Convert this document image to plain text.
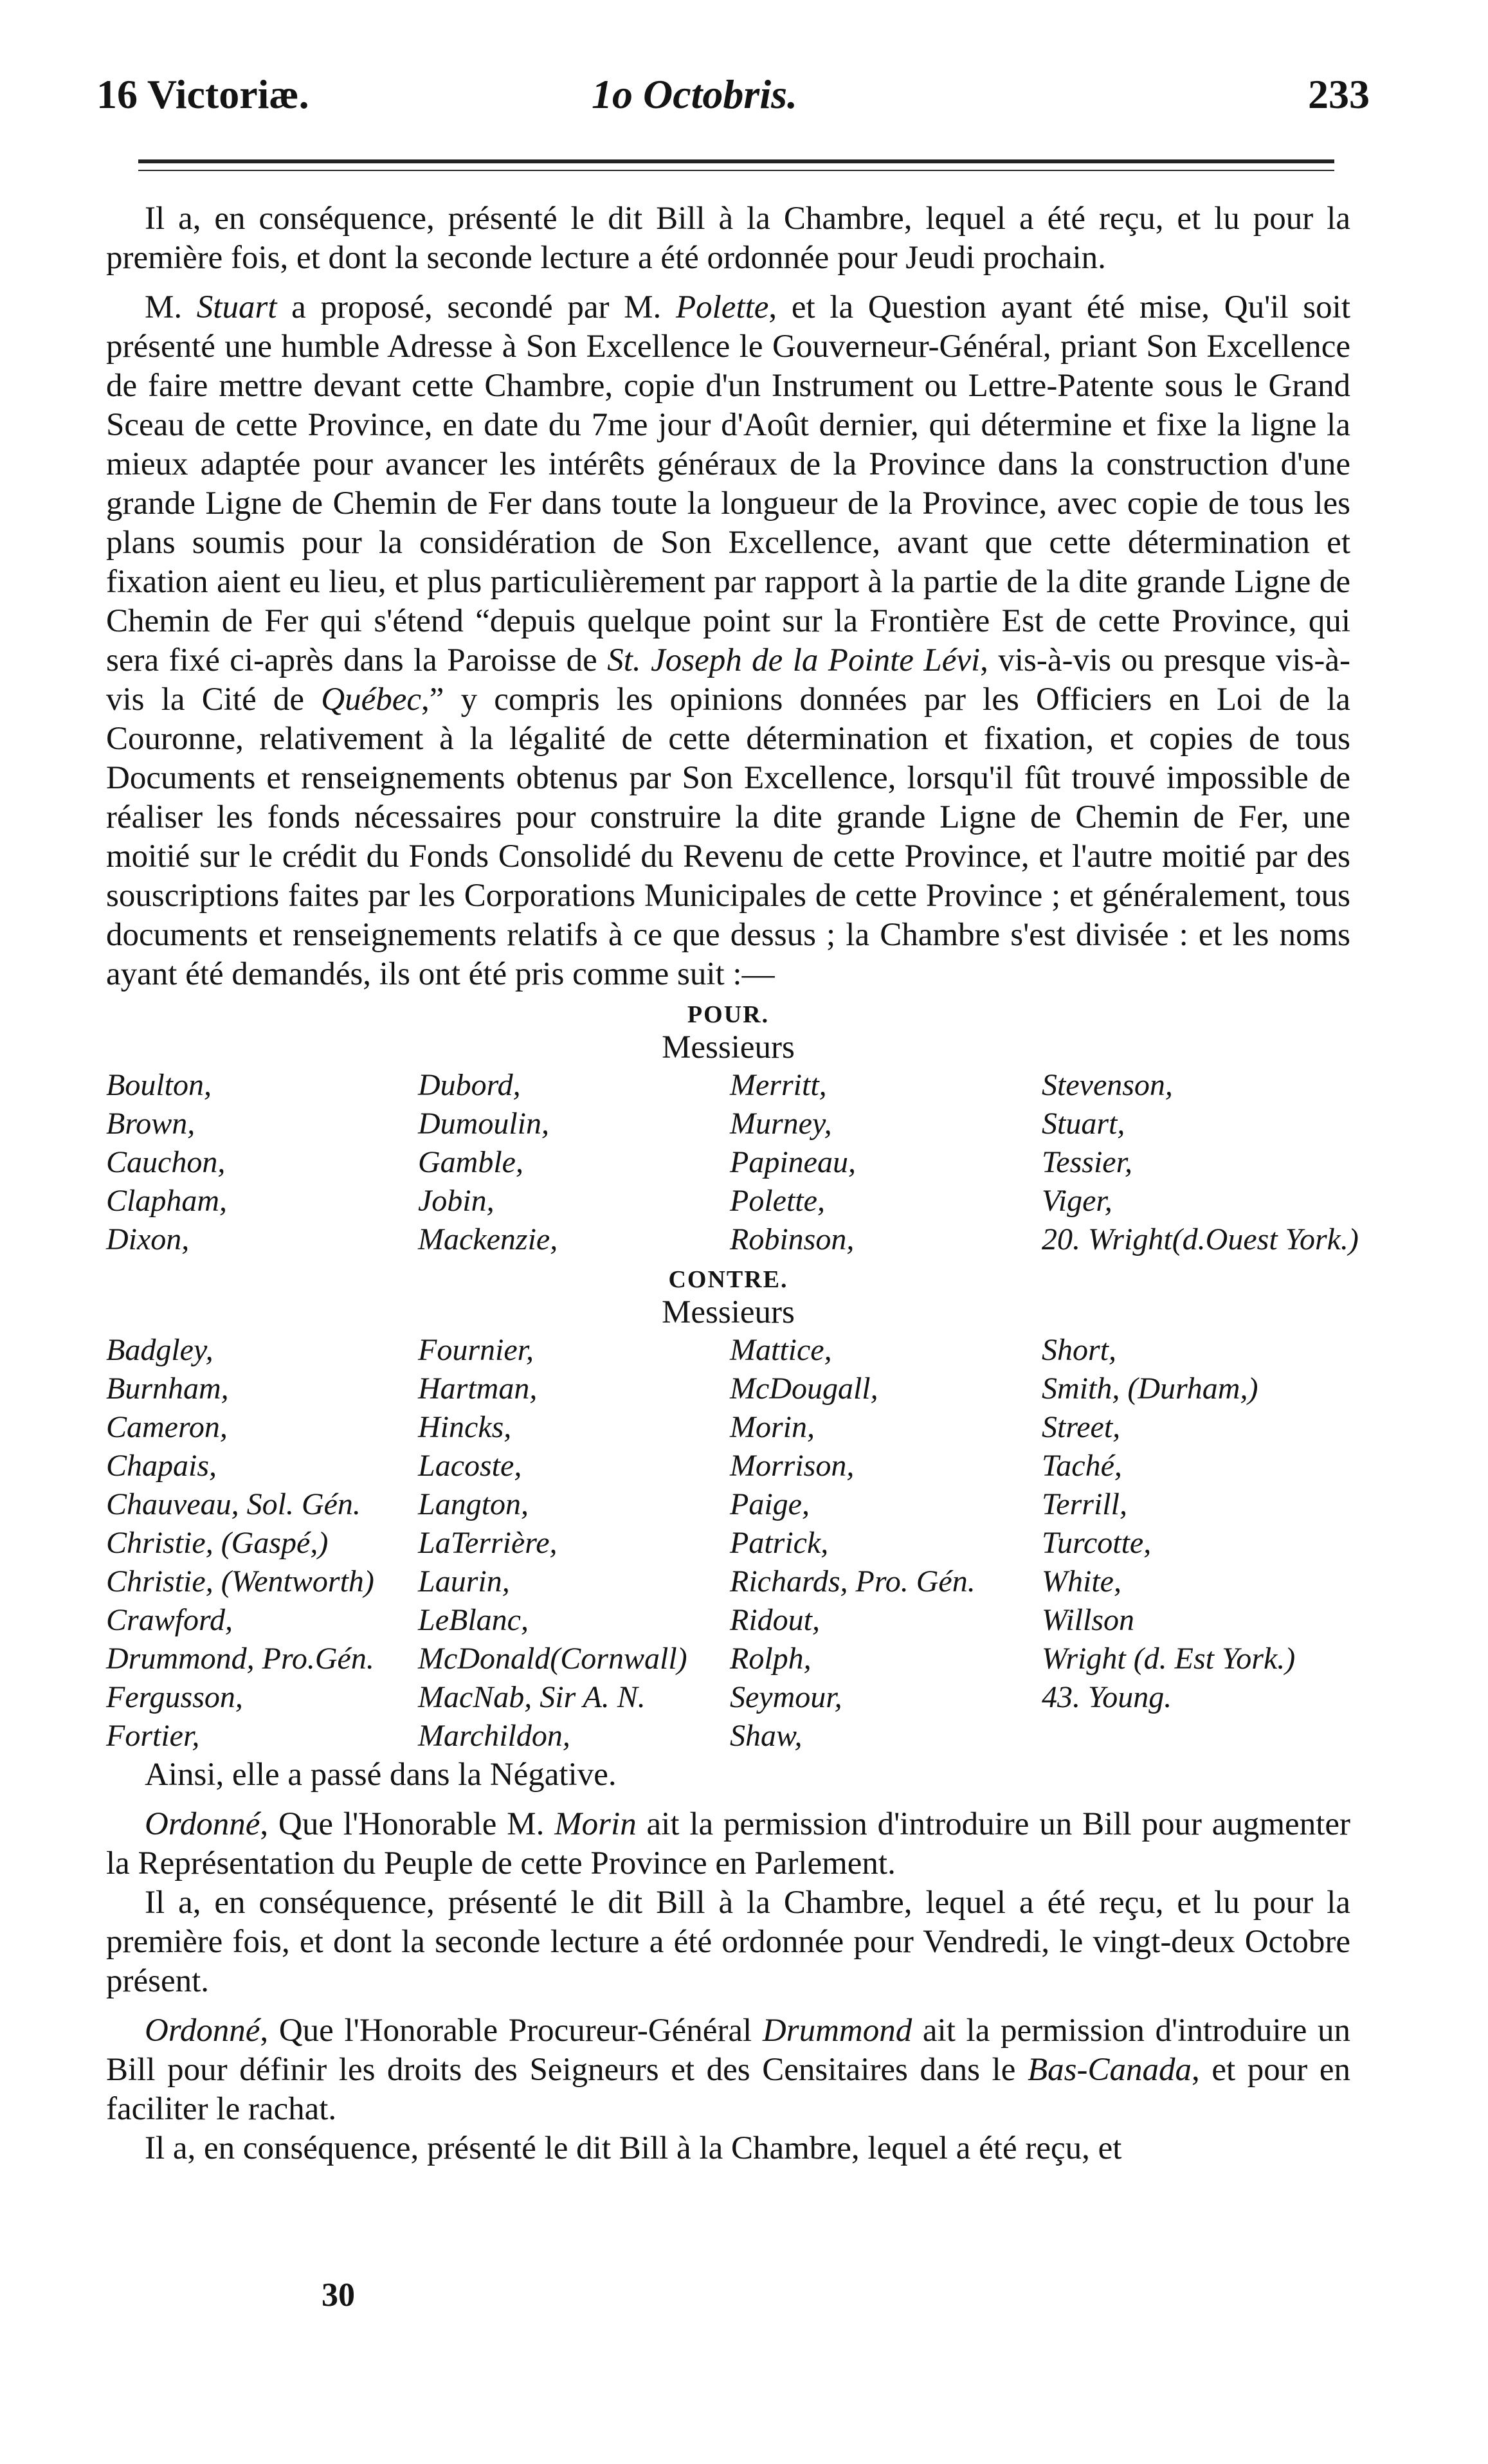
16 Victoriæ.	1o Octobris.	233

Il a, en conséquence, présenté le dit Bill à la Chambre, lequel a été reçu, et lu pour la première fois, et dont la seconde lecture a été ordonnée pour Jeudi prochain.

M. Stuart a proposé, secondé par M. Polette, et la Question ayant été mise, Qu'il soit présenté une humble Adresse à Son Excellence le Gouverneur-Général, priant Son Excellence de faire mettre devant cette Chambre, copie d'un Instrument ou Lettre-Patente sous le Grand Sceau de cette Province, en date du 7me jour d'Août dernier, qui détermine et fixe la ligne la mieux adaptée pour avancer les intérêts généraux de la Province dans la construction d'une grande Ligne de Chemin de Fer dans toute la longueur de la Province, avec copie de tous les plans soumis pour la considération de Son Excellence, avant que cette détermination et fixation aient eu lieu, et plus particulièrement par rapport à la partie de la dite grande Ligne de Chemin de Fer qui s'étend “depuis quelque point sur la Frontière Est de cette Province, qui sera fixé ci-après dans la Paroisse de St. Joseph de la Pointe Lévi, vis-à-vis ou presque vis-à-vis la Cité de Québec,” y compris les opinions données par les Officiers en Loi de la Couronne, relativement à la légalité de cette détermination et fixation, et copies de tous Documents et renseignements obtenus par Son Excellence, lorsqu'il fût trouvé impossible de réaliser les fonds nécessaires pour construire la dite grande Ligne de Chemin de Fer, une moitié sur le crédit du Fonds Consolidé du Revenu de cette Province, et l'autre moitié par des souscriptions faites par les Corporations Municipales de cette Province ; et généralement, tous documents et renseignements relatifs à ce que dessus ; la Chambre s'est divisée : et les noms ayant été demandés, ils ont été pris comme suit :—

POUR.
Messieurs
Boulton,	Dubord,	Merritt,	Stevenson,
Brown,	Dumoulin,	Murney,	Stuart,
Cauchon,	Gamble,	Papineau,	Tessier,
Clapham,	Jobin,	Polette,	Viger,
Dixon,	Mackenzie,	Robinson,	20. Wright(d.Ouest York.)
CONTRE.
Messieurs
Badgley,	Fournier,	Mattice,	Short,
Burnham,	Hartman,	McDougall,	Smith, (Durham,)
Cameron,	Hincks,	Morin,	Street,
Chapais,	Lacoste,	Morrison,	Taché,
Chauveau, Sol. Gén.	Langton,	Paige,	Terrill,
Christie, (Gaspé,)	LaTerrière,	Patrick,	Turcotte,
Christie, (Wentworth)	Laurin,	Richards, Pro. Gén.	White,
Crawford,	LeBlanc,	Ridout,	Willson
Drummond, Pro.Gén.	McDonald(Cornwall)	Rolph,	Wright (d. Est York.)
Fergusson,	MacNab, Sir A. N.	Seymour,	43. Young.
Fortier,	Marchildon,	Shaw,

Ainsi, elle a passé dans la Négative.

Ordonné, Que l'Honorable M. Morin ait la permission d'introduire un Bill pour augmenter la Représentation du Peuple de cette Province en Parlement.

Il a, en conséquence, présenté le dit Bill à la Chambre, lequel a été reçu, et lu pour la première fois, et dont la seconde lecture a été ordonnée pour Vendredi, le vingt-deux Octobre présent.

Ordonné, Que l'Honorable Procureur-Général Drummond ait la permission d'introduire un Bill pour définir les droits des Seigneurs et des Censitaires dans le Bas-Canada, et pour en faciliter le rachat.

Il a, en conséquence, présenté le dit Bill à la Chambre, lequel a été reçu, et

30
